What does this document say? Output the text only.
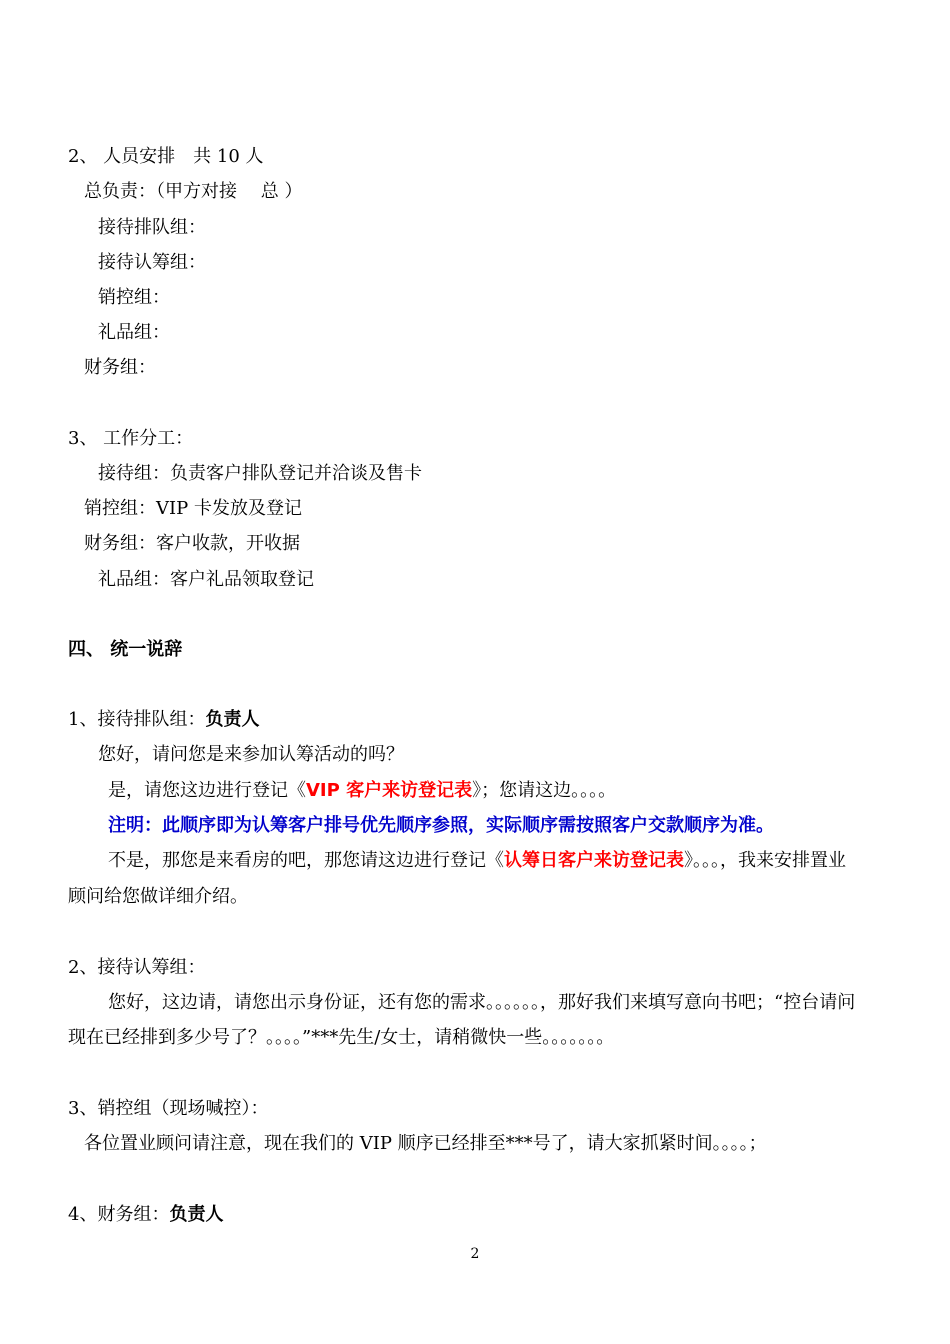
2、 人员安排　共 10 人
总负责：（甲方对接　 总 ）
接待排队组：
接待认筹组：
销控组：
礼品组：
财务组：
3、 工作分工：
接待组：负责客户排队登记并洽谈及售卡
销控组：VIP 卡发放及登记
财务组：客户收款，开收据
礼品组：客户礼品领取登记
四、 统一说辞
1、接待排队组：负责人
您好，请问您是来参加认筹活动的吗？
是，请您这边进行登记《VIP 客户来访登记表》；您请这边。。。。
注明：此顺序即为认筹客户排号优先顺序参照，实际顺序需按照客户交款顺序为准。
不是，那您是来看房的吧，那您请这边进行登记《认筹日客户来访登记表》。。。，我来安排置业
顾问给您做详细介绍。
2、接待认筹组：
您好，这边请，请您出示身份证，还有您的需求。。。。。。，那好我们来填写意向书吧；“控台请问
现在已经排到多少号了？。。。。”***先生/女士，请稍微快一些。。。。。。。
3、销控组（现场喊控）：
各位置业顾问请注意，现在我们的 VIP 顺序已经排至***号了，请大家抓紧时间。。。。；
4、财务组：负责人
2
